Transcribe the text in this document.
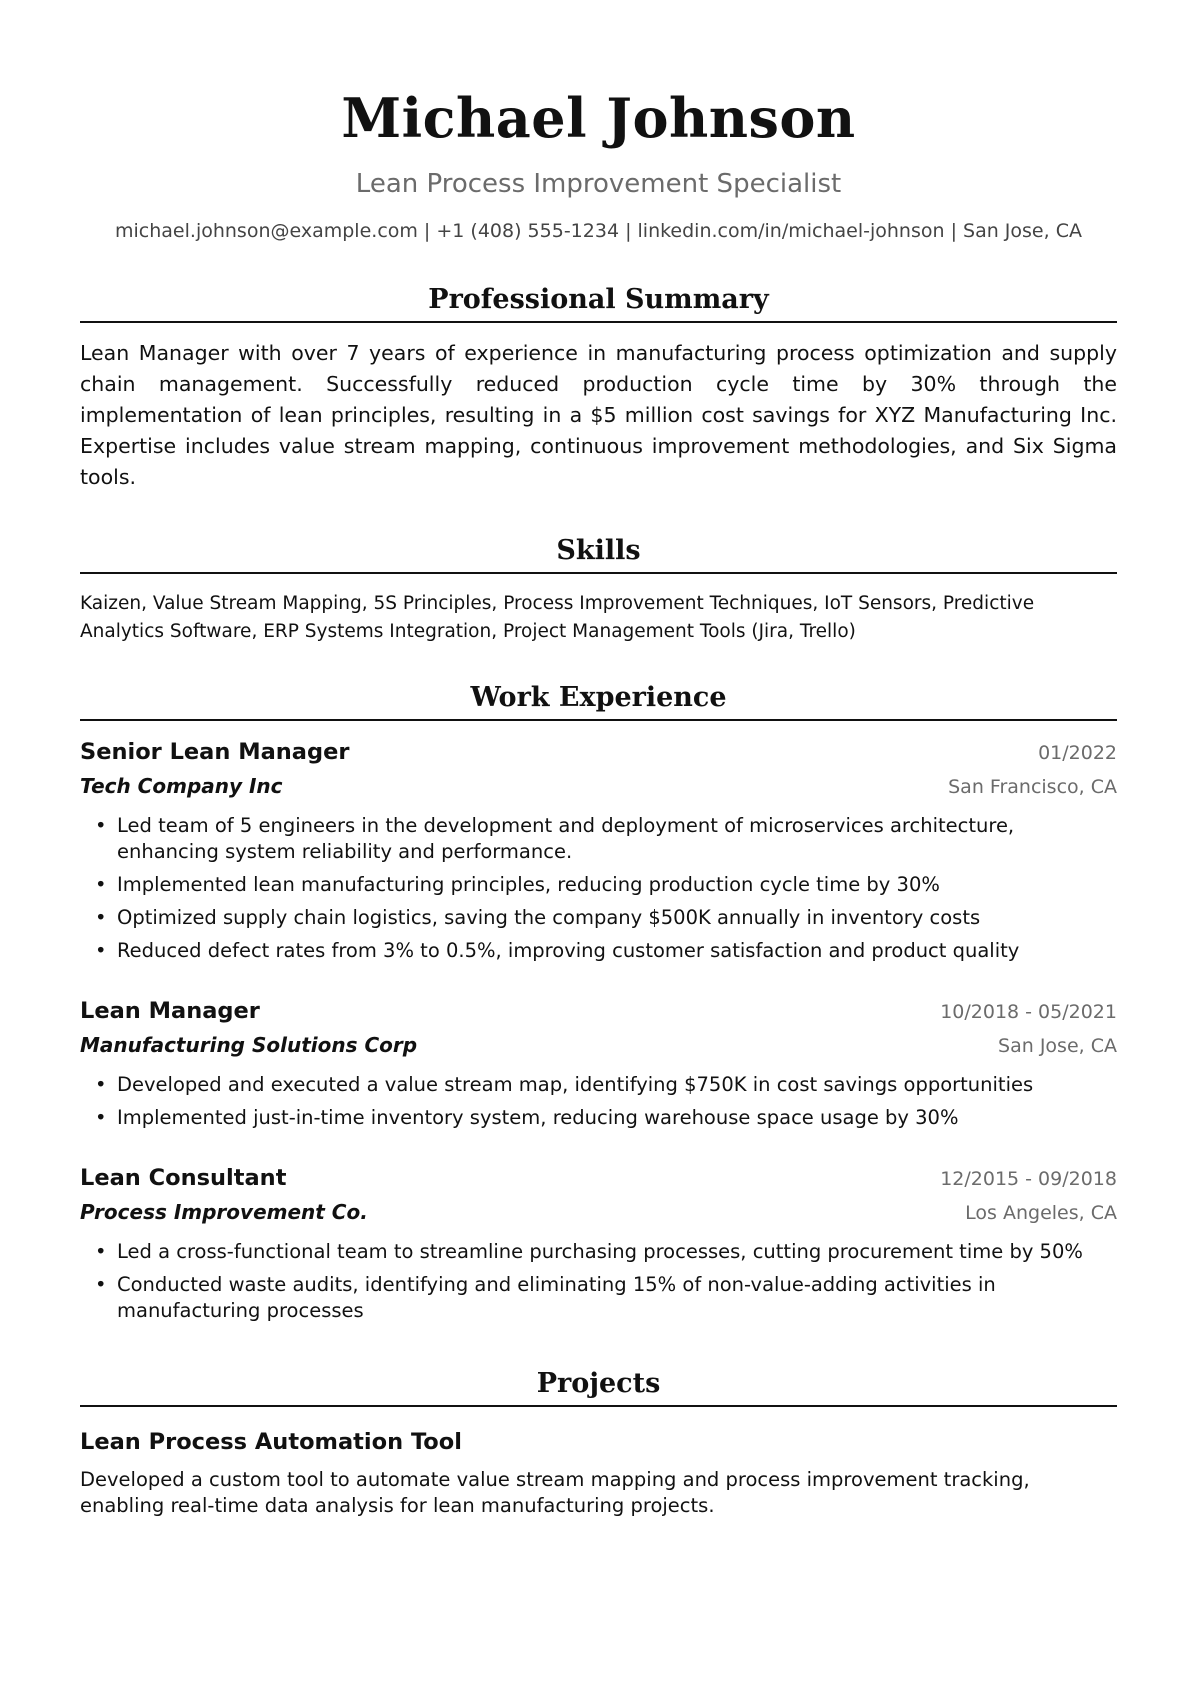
Michael Johnson
Lean Process Improvement Specialist
michael.johnson@example.com | +1 (408) 555-1234 | linkedin.com/in/michael-johnson | San Jose, CA
Professional Summary
Lean Manager with over 7 years of experience in manufacturing process optimization and supply chain management. Successfully reduced production cycle time by 30% through the implementation of lean principles, resulting in a $5 million cost savings for XYZ Manufacturing Inc. Expertise includes value stream mapping, continuous improvement methodologies, and Six Sigma tools.
Skills
Kaizen, Value Stream Mapping, 5S Principles, Process Improvement Techniques, IoT Sensors, Predictive Analytics Software, ERP Systems Integration, Project Management Tools (Jira, Trello)
Work Experience
Senior Lean Manager	01/2022
Tech Company Inc	San Francisco, CA
• Led team of 5 engineers in the development and deployment of microservices architecture, enhancing system reliability and performance.
• Implemented lean manufacturing principles, reducing production cycle time by 30%
• Optimized supply chain logistics, saving the company $500K annually in inventory costs
• Reduced defect rates from 3% to 0.5%, improving customer satisfaction and product quality
Lean Manager	10/2018 - 05/2021
Manufacturing Solutions Corp	San Jose, CA
• Developed and executed a value stream map, identifying $750K in cost savings opportunities
• Implemented just-in-time inventory system, reducing warehouse space usage by 30%
Lean Consultant	12/2015 - 09/2018
Process Improvement Co.	Los Angeles, CA
• Led a cross-functional team to streamline purchasing processes, cutting procurement time by 50%
• Conducted waste audits, identifying and eliminating 15% of non-value-adding activities in manufacturing processes
Projects
Lean Process Automation Tool
Developed a custom tool to automate value stream mapping and process improvement tracking, enabling real-time data analysis for lean manufacturing projects.
